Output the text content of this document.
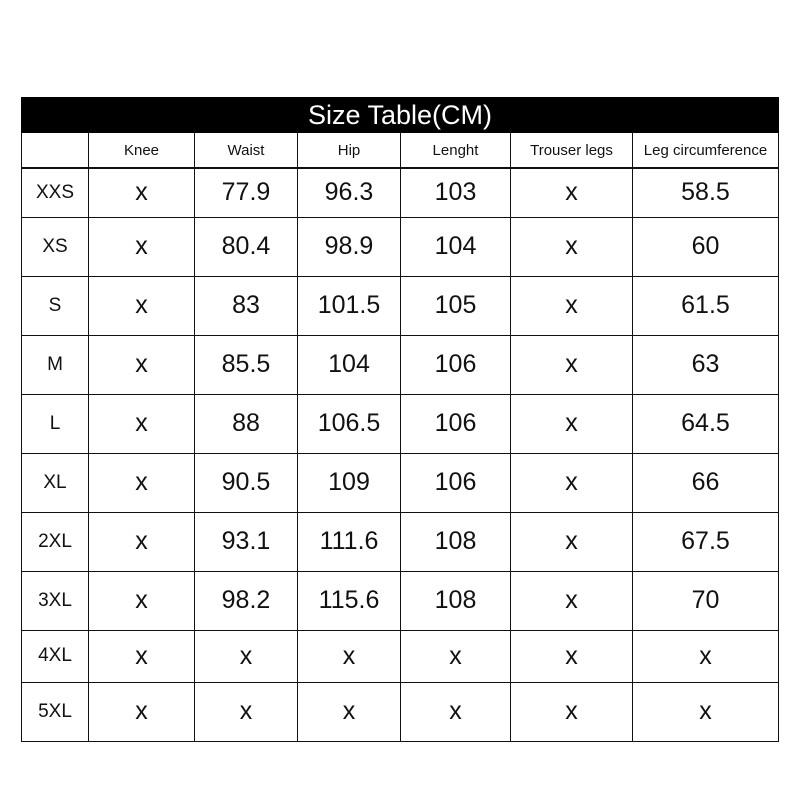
Size Table(CM)						
	Knee	Waist	Hip	Lenght	Trouser legs	Leg circumference
XXS	x	77.9	96.3	103	x	58.5
XS	x	80.4	98.9	104	x	60
S	x	83	101.5	105	x	61.5
M	x	85.5	104	106	x	63
L	x	88	106.5	106	x	64.5
XL	x	90.5	109	106	x	66
2XL	x	93.1	111.6	108	x	67.5
3XL	x	98.2	115.6	108	x	70
4XL	x	x	x	x	x	x
5XL	x	x	x	x	x	x
